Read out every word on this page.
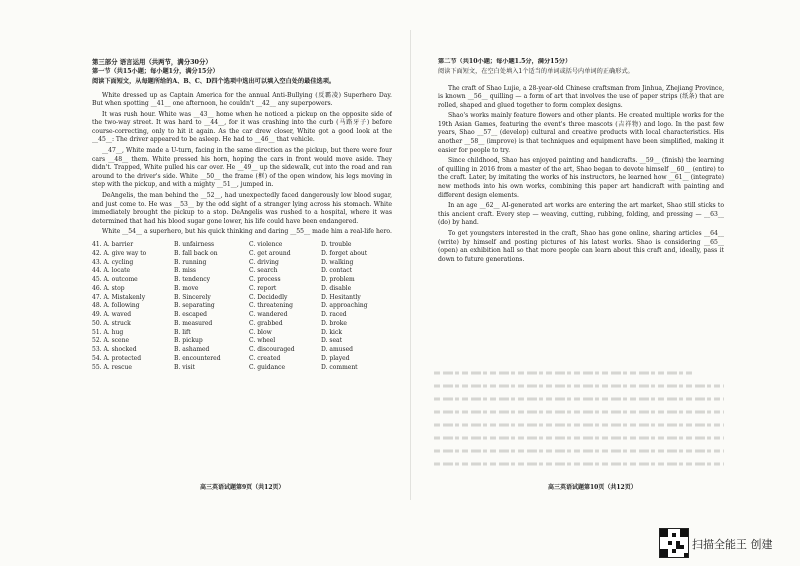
第三部分 语言运用（共两节，满分30分）
第一节（共15小题；每小题1分，满分15分）
阅读下面短文，从每题所给的A、B、C、D四个选项中选出可以填入空白处的最佳选项。

White dressed up as Captain America for the annual Anti-Bullying (反霸凌) Superhero Day. But when spotting __41__ one afternoon, he couldn't __42__ any superpowers.

It was rush hour. White was __43__ home when he noticed a pickup on the opposite side of the two-way street. It was hard to __44__, for it was crashing into the curb (马路牙子) before course-correcting, only to hit it again. As the car drew closer, White got a good look at the __45__: The driver appeared to be asleep. He had to __46__ that vehicle.

__47__, White made a U-turn, facing in the same direction as the pickup, but there were four cars __48__ them. White pressed his horn, hoping the cars in front would move aside. They didn't. Trapped, White pulled his car over. He __49__ up the sidewalk, cut into the road and ran around to the driver's side. White __50__ the frame (框) of the open window, his legs moving in step with the pickup, and with a mighty __51__, jumped in.

DeAngelis, the man behind the __52__, had unexpectedly faced dangerously low blood sugar, and just come to. He was __53__ by the odd sight of a stranger lying across his stomach. White immediately brought the pickup to a stop. DeAngelis was rushed to a hospital, where it was determined that had his blood sugar gone lower, his life could have been endangered.

White __54__ a superhero, but his quick thinking and daring __55__ made him a real-life hero.

41. A. barrier	B. unfairness	C. violence	D. trouble
42. A. give way to	B. fall back on	C. get around	D. forget about
43. A. cycling	B. running	C. driving	D. walking
44. A. locate	B. miss	C. search	D. contact
45. A. outcome	B. tendency	C. process	D. problem
46. A. stop	B. move	C. report	D. disable
47. A. Mistakenly	B. Sincerely	C. Decidedly	D. Hesitantly
48. A. following	B. separating	C. threatening	D. approaching
49. A. waved	B. escaped	C. wandered	D. raced
50. A. struck	B. measured	C. grabbed	D. broke
51. A. hug	B. lift	C. blow	D. kick
52. A. scene	B. pickup	C. wheel	D. seat
53. A. shocked	B. ashamed	C. discouraged	D. amused
54. A. protected	B. encountered	C. created	D. played
55. A. rescue	B. visit	C. guidance	D. comment
高三英语试题第9页（共12页）
第二节（共10小题；每小题1.5分，满分15分）
阅读下面短文，在空白处填入1个适当的单词或括号内单词的正确形式。

The craft of Shao Lujie, a 28-year-old Chinese craftsman from Jinhua, Zhejiang Province, is known __56__ quilling — a form of art that involves the use of paper strips (纸条) that are rolled, shaped and glued together to form complex designs.

Shao's works mainly feature flowers and other plants. He created multiple works for the 19th Asian Games, featuring the event's three mascots (吉祥物) and logo. In the past few years, Shao __57__ (develop) cultural and creative products with local characteristics. His another __58__ (improve) is that techniques and equipment have been simplified, making it easier for people to try.

Since childhood, Shao has enjoyed painting and handicrafts. __59__ (finish) the learning of quilling in 2016 from a master of the art, Shao began to devote himself __60__ (entire) to the craft. Later, by imitating the works of his instructors, he learned how __61__ (integrate) new methods into his own works, combining this paper art handicraft with painting and different design elements.

In an age __62__ AI-generated art works are entering the art market, Shao still sticks to this ancient craft. Every step — weaving, cutting, rubbing, folding, and pressing — __63__ (do) by hand.

To get youngsters interested in the craft, Shao has gone online, sharing articles __64__ (write) by himself and posting pictures of his latest works. Shao is considering __65__ (open) an exhibition hall so that more people can learn about this craft and, ideally, pass it down to future generations.

高三英语试题第10页（共12页）
扫描全能王 创建
